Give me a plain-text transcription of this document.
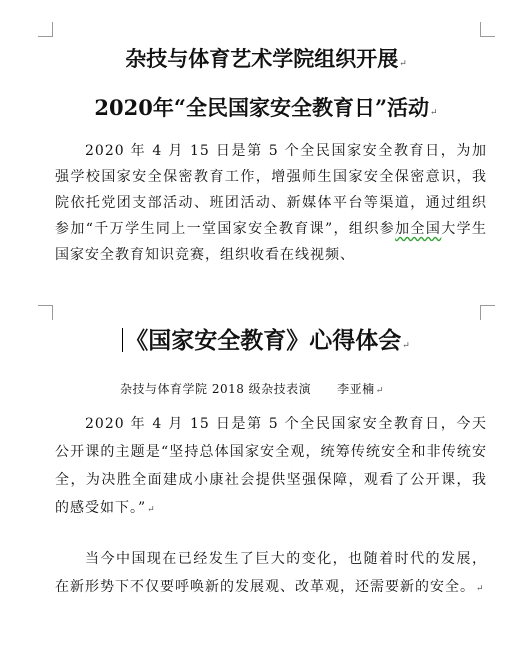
杂技与体育艺术学院组织开展↵
2020年“全民国家安全教育日”活动↵
2020 年 4 月 15 日是第 5 个全民国家安全教育日，为加强学校国家安全保密教育工作，增强师生国家安全保密意识，我院依托党团支部活动、班团活动、新媒体平台等渠道，通过组织参加“千万学生同上一堂国家安全教育课”，组织参加全国大学生国家安全教育知识竞赛，组织收看在线视频、
《国家安全教育》心得体会↵
杂技与体育学院 2018 级杂技表演 李亚楠↵
2020 年 4 月 15 日是第 5 个全民国家安全教育日，今天公开课的主题是“坚持总体国家安全观，统筹传统安全和非传统安全，为决胜全面建成小康社会提供坚强保障，观看了公开课，我的感受如下。”↵
当今中国现在已经发生了巨大的变化，也随着时代的发展，在新形势下不仅要呼唤新的发展观、改革观，还需要新的安全。↵
